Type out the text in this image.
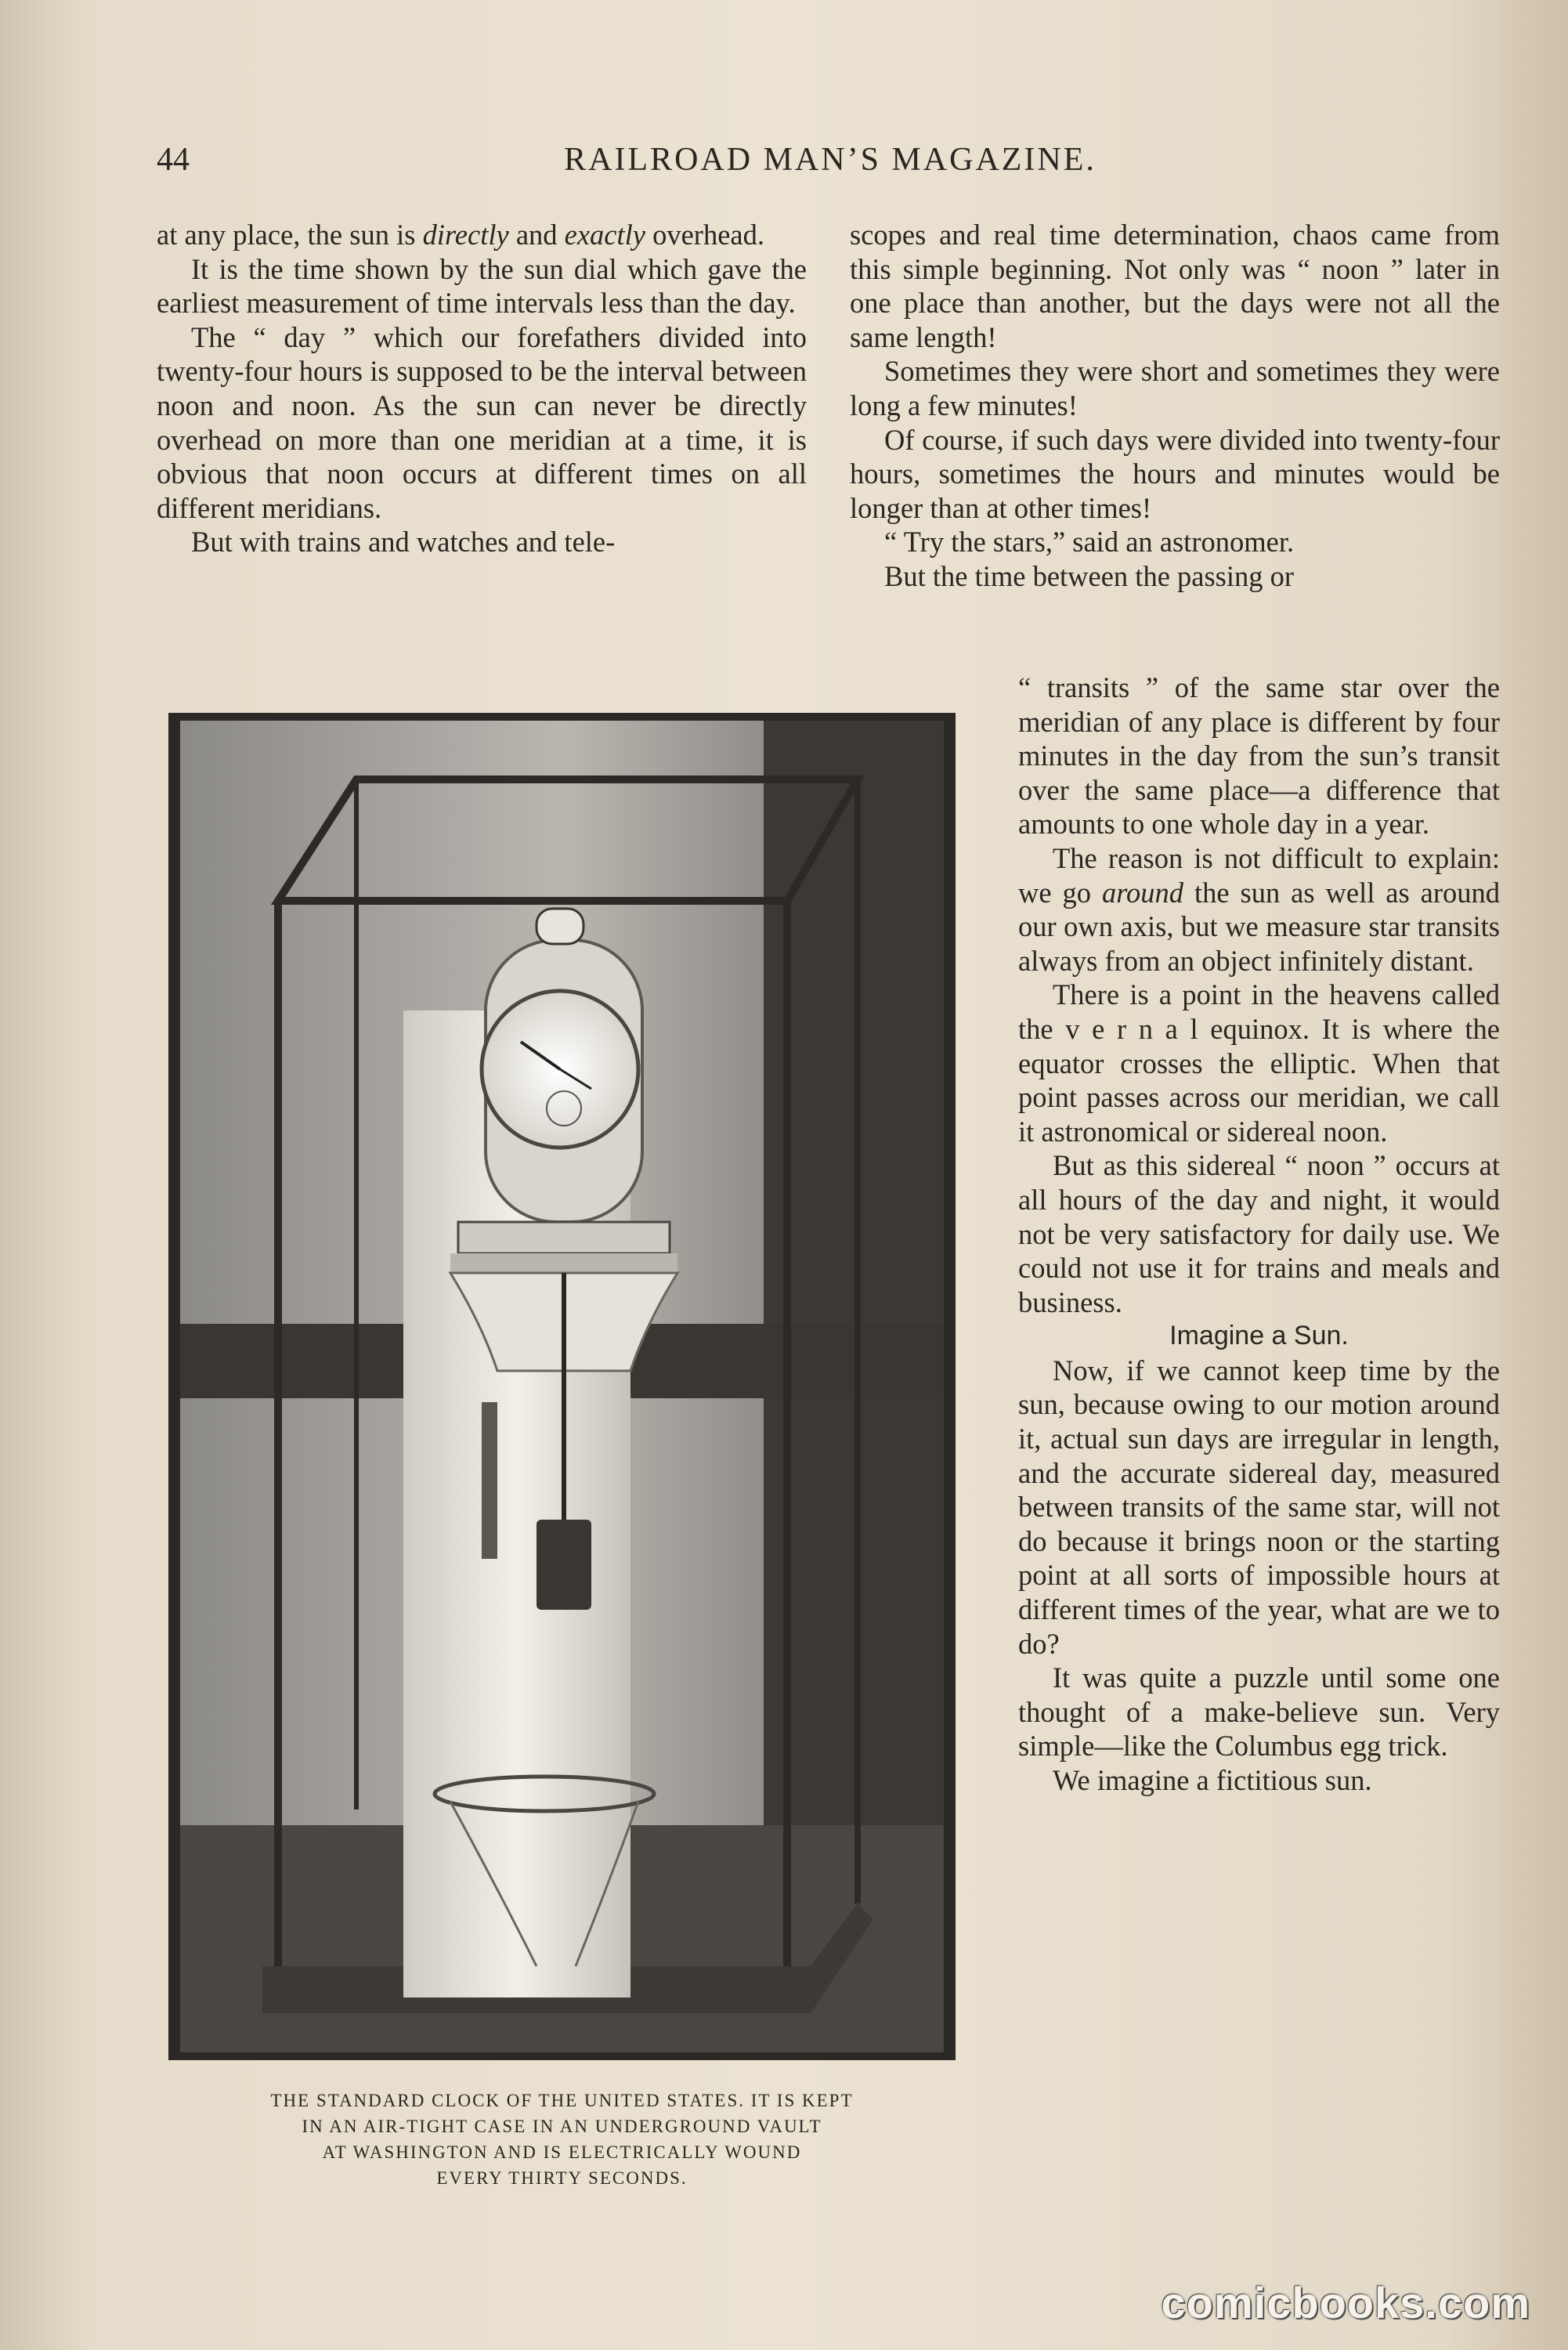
44	RAILROAD MAN’S MAGAZINE.

at any place, the sun is directly and exactly overhead.

It is the time shown by the sun dial which gave the earliest measurement of time intervals less than the day.

The “ day ” which our forefathers divided into twenty-four hours is supposed to be the interval between noon and noon. As the sun can never be directly overhead on more than one meridian at a time, it is obvious that noon occurs at different times on all different meridians.

But with trains and watches and tele-

scopes and real time determination, chaos came from this simple beginning. Not only was “ noon ” later in one place than another, but the days were not all the same length!

Sometimes they were short and sometimes they were long a few minutes!

Of course, if such days were divided into twenty-four hours, sometimes the hours and minutes would be longer than at other times!

“ Try the stars,” said an astronomer.

But the time between the passing or

THE STANDARD CLOCK OF THE UNITED STATES. IT IS KEPT
IN AN AIR-TIGHT CASE IN AN UNDERGROUND VAULT
AT WASHINGTON AND IS ELECTRICALLY WOUND
EVERY THIRTY SECONDS.

“ transits ” of the same star over the meridian of any place is different by four minutes in the day from the sun’s transit over the same place—a difference that amounts to one whole day in a year.

The reason is not difficult to explain: we go around the sun as well as around our own axis, but we measure star transits always from an object infinitely distant.

There is a point in the heavens called the v e r n a l equinox. It is where the equator crosses the elliptic. When that point passes across our meridian, we call it astronomical or sidereal noon.

But as this sidereal “ noon ” occurs at all hours of the day and night, it would not be very satisfactory for daily use. We could not use it for trains and meals and business.

Imagine a Sun.

Now, if we cannot keep time by the sun, because owing to our motion around it, actual sun days are irregular in length, and the accurate sidereal day, measured between transits of the same star, will not do because it brings noon or the starting point at all sorts of impossible hours at different times of the year, what are we to do?

It was quite a puzzle until some one thought of a make-believe sun. Very simple—like the Columbus egg trick.

We imagine a fictitious sun.

comicbooks.com
